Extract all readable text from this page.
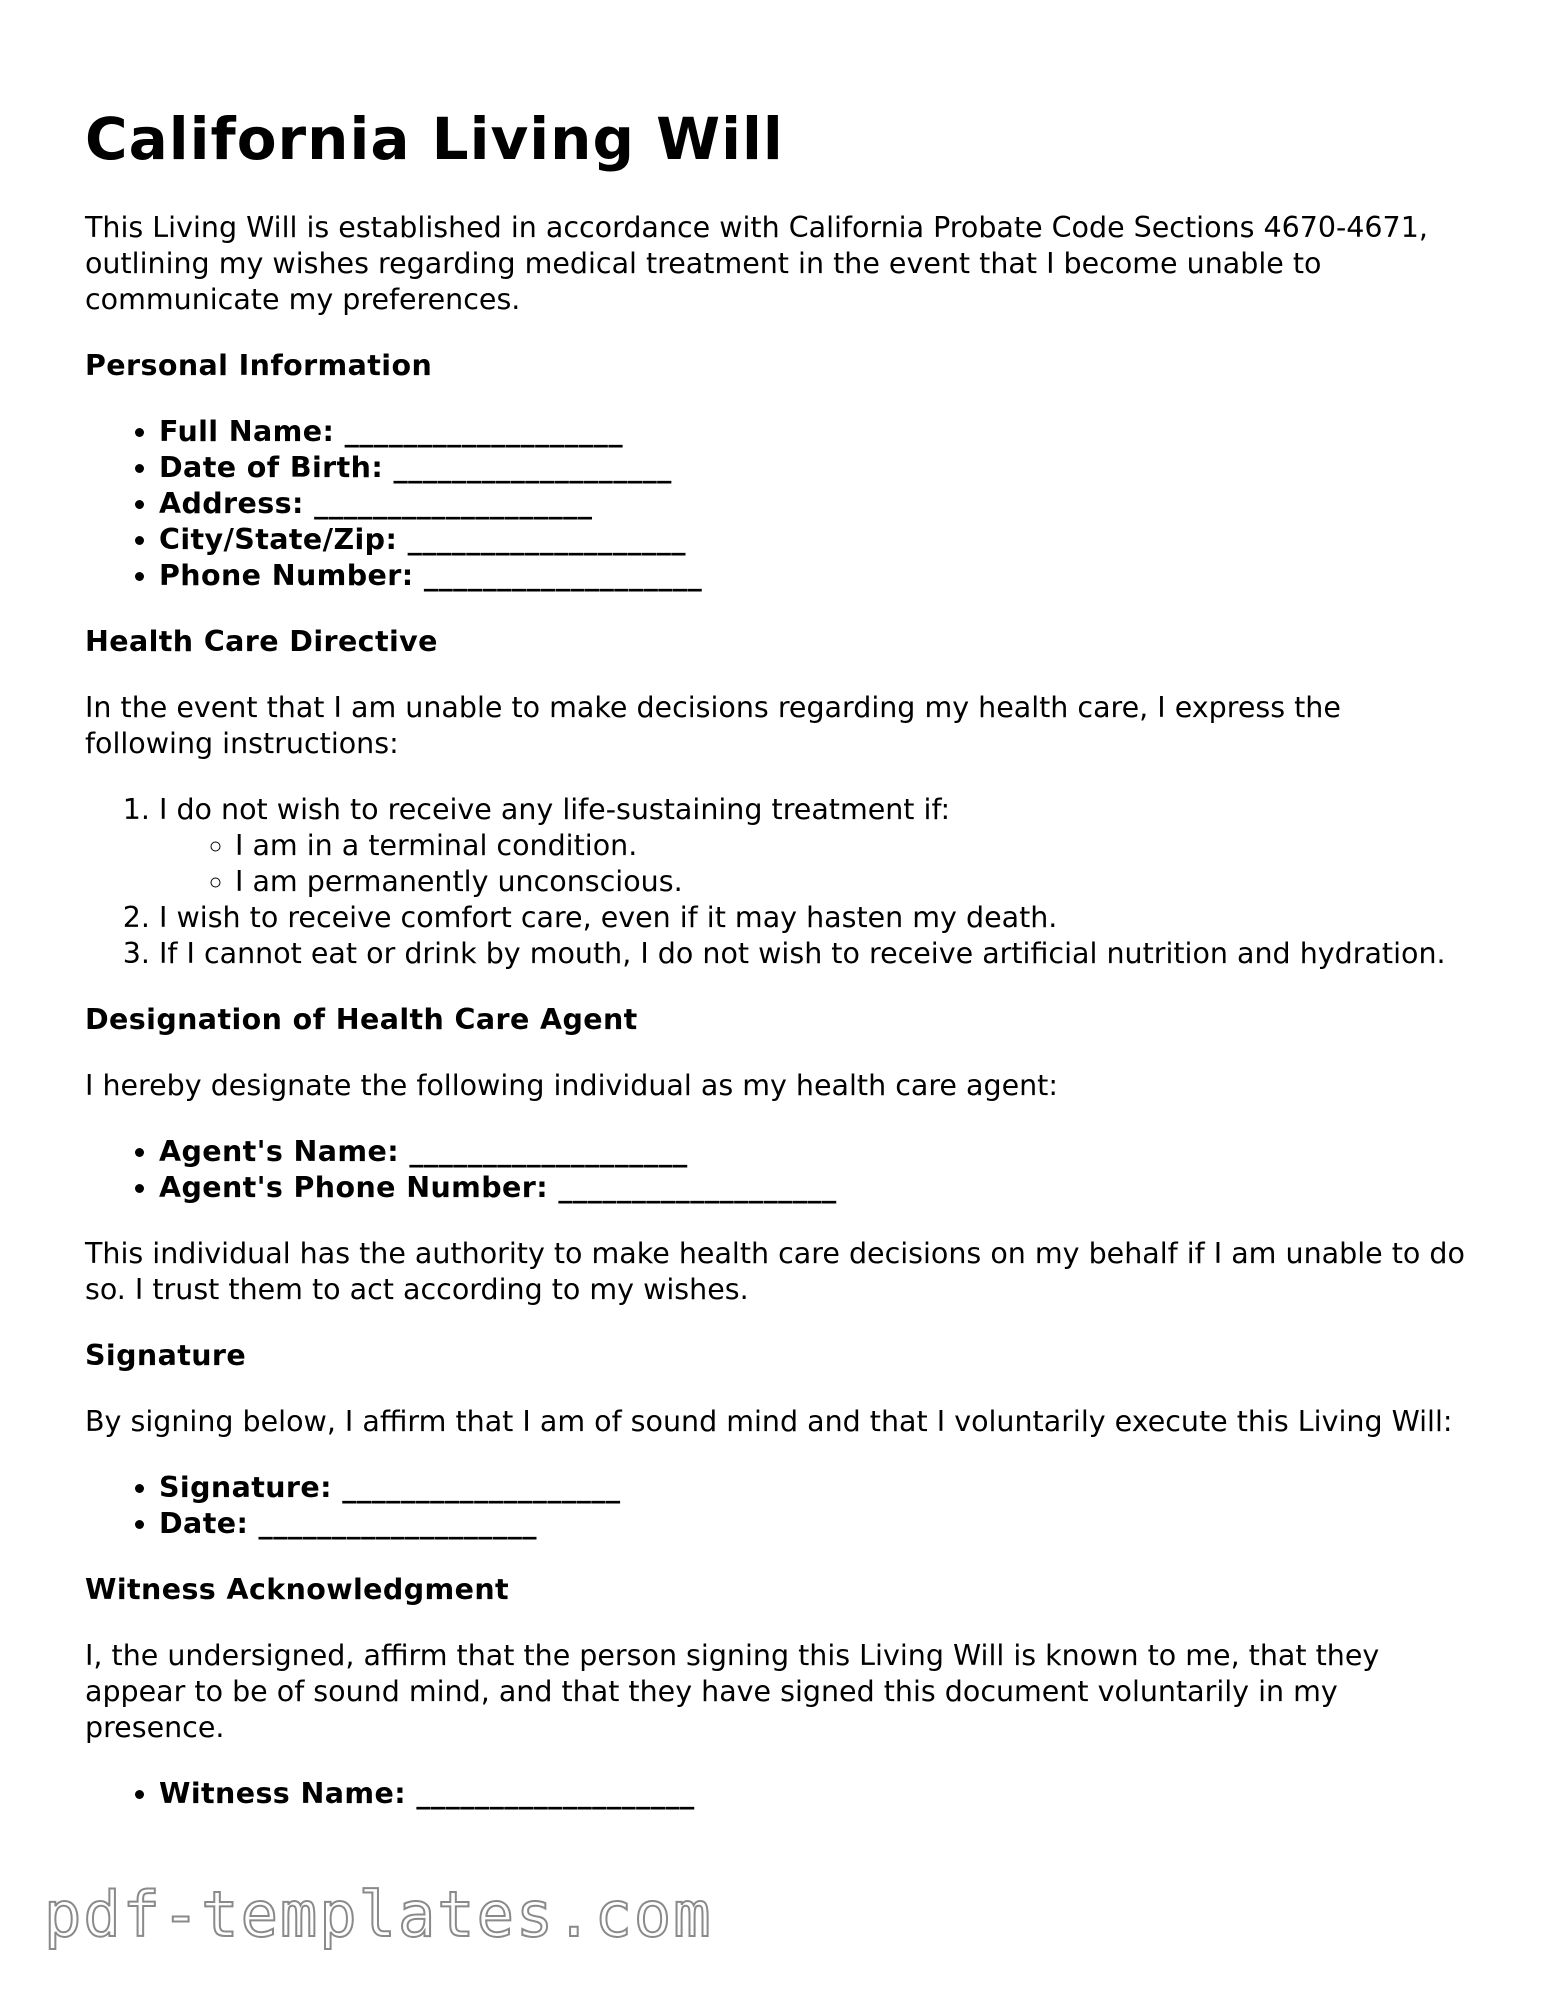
California Living Will

This Living Will is established in accordance with California Probate Code Sections 4670-4671, outlining my wishes regarding medical treatment in the event that I become unable to communicate my preferences.

Personal Information
• Full Name: ___________________
• Date of Birth: ___________________
• Address: ___________________
• City/State/Zip: ___________________
• Phone Number: ___________________
Health Care Directive

In the event that I am unable to make decisions regarding my health care, I express the following instructions:

1. I do not wish to receive any life-sustaining treatment if:
◦ I am in a terminal condition.
◦ I am permanently unconscious.
2. I wish to receive comfort care, even if it may hasten my death.
3. If I cannot eat or drink by mouth, I do not wish to receive artificial nutrition and hydration.
Designation of Health Care Agent

I hereby designate the following individual as my health care agent:

• Agent's Name: ___________________
• Agent's Phone Number: ___________________

This individual has the authority to make health care decisions on my behalf if I am unable to do so. I trust them to act according to my wishes.

Signature

By signing below, I affirm that I am of sound mind and that I voluntarily execute this Living Will:

• Signature: ___________________
• Date: ___________________
Witness Acknowledgment

I, the undersigned, affirm that the person signing this Living Will is known to me, that they appear to be of sound mind, and that they have signed this document voluntarily in my presence.

• Witness Name: ___________________
pdf-templates.com
